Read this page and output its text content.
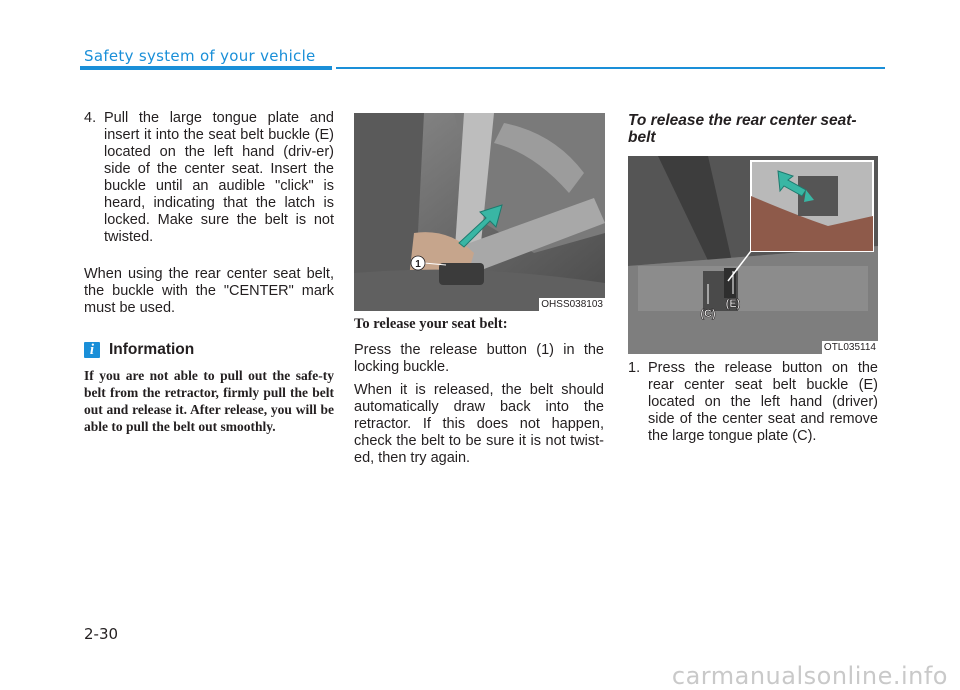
Safety system of your vehicle
4. Pull the large tongue plate and insert it into the seat belt buckle (E) located on the left hand (driv-er) side of the center seat. Insert the buckle until an audible "click" is heard, indicating that the latch is locked. Make sure the belt is not twisted.
When using the rear center seat belt, the buckle with the "CENTER" mark must be used.
i Information
If you are not able to pull out the safe-ty belt from the retractor, firmly pull the belt out and release it. After release, you will be able to pull the belt out smoothly.
1
OHSS038103
To release your seat belt:

Press the release button (1) in the locking buckle.

When it is released, the belt should automatically draw back into the retractor. If this does not happen, check the belt to be sure it is not twist-ed, then try again.

To release the rear center seat-belt
(C)
(E)
OTL035114
1. Press the release button on the rear center seat belt buckle (E) located on the left hand (driver) side of the center seat and remove the large tongue plate (C).
2-30
carmanualsonline.info
